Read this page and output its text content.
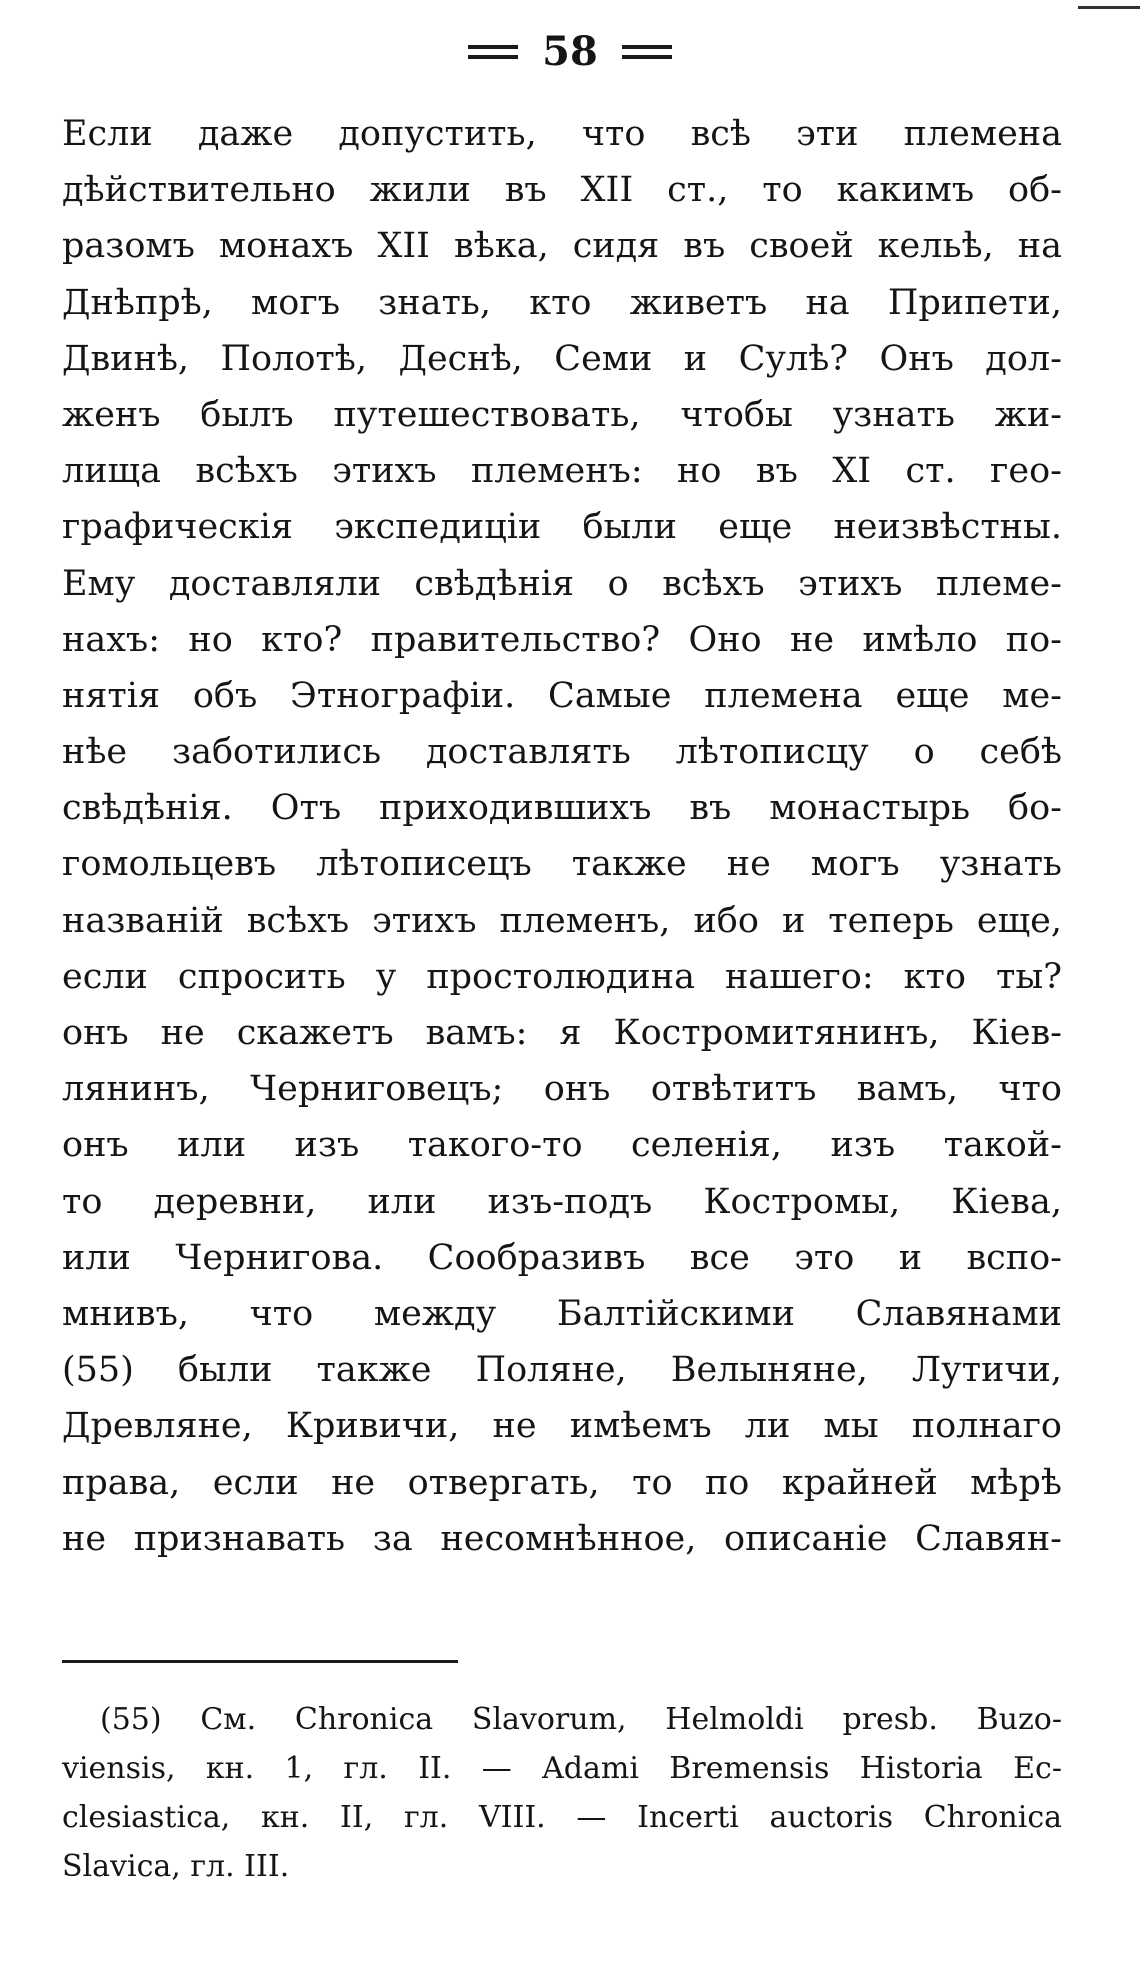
58
Если даже допустить, что всѣ эти племена
дѣйствительно жили въ XII ст., то какимъ об-
разомъ монахъ XII вѣка, сидя въ своей кельѣ, на
Днѣпрѣ, могъ знать, кто живетъ на Припети,
Двинѣ, Полотѣ, Деснѣ, Семи и Сулѣ? Онъ дол-
женъ былъ путешествовать, чтобы узнать жи-
лища всѣхъ этихъ племенъ: но въ XI ст. гео-
графическія экспедиціи были еще неизвѣстны.
Ему доставляли свѣдѣнія о всѣхъ этихъ племе-
нахъ: но кто? правительство? Оно не имѣло по-
нятія объ Этнографіи. Самые племена еще ме-
нѣе заботились доставлять лѣтописцу о себѣ
свѣдѣнія. Отъ приходившихъ въ монастырь бо-
гомольцевъ лѣтописецъ также не могъ узнать
названій всѣхъ этихъ племенъ, ибо и теперь еще,
если спросить у простолюдина нашего: кто ты?
онъ не скажетъ вамъ: я Костромитянинъ, Кіев-
лянинъ, Черниговецъ; онъ отвѣтитъ вамъ, что
онъ или изъ такого-то селенія, изъ такой-
то деревни, или изъ-подъ Костромы, Кіева,
или Чернигова. Сообразивъ все это и вспо-
мнивъ, что между Балтійскими Славянами
(55) были также Поляне, Велыняне, Лутичи,
Древляне, Кривичи, не имѣемъ ли мы полнаго
права, если не отвергать, то по крайней мѣрѣ
не признавать за несомнѣнное, описаніе Славян-
(55) См. Chronica Slavorum, Helmoldi presb. Buzo-
viensis, кн. 1, гл. II. — Adami Bremensis Historia Ec-
clesiastica, кн. II, гл. VIII. — Incerti auctoris Chronica
Slavica, гл. III.
